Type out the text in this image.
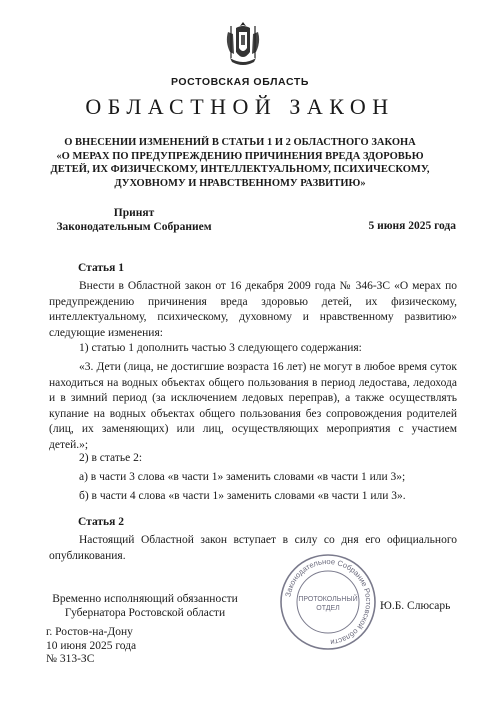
РОСТОВСКАЯ ОБЛАСТЬ
ОБЛАСТНОЙ ЗАКОН
О ВНЕСЕНИИ ИЗМЕНЕНИЙ В СТАТЬИ 1 И 2 ОБЛАСТНОГО ЗАКОНА
«О МЕРАХ ПО ПРЕДУПРЕЖДЕНИЮ ПРИЧИНЕНИЯ ВРЕДА ЗДОРОВЬЮ
ДЕТЕЙ, ИХ ФИЗИЧЕСКОМУ, ИНТЕЛЛЕКТУАЛЬНОМУ, ПСИХИЧЕСКОМУ,
ДУХОВНОМУ И НРАВСТВЕННОМУ РАЗВИТИЮ»
Принят
Законодательным Собранием	5 июня 2025 года
Статья 1

Внести в Областной закон от 16 декабря 2009 года № 346-ЗС «О мерах по предупреждению причинения вреда здоровью детей, их физическому, интеллектуальному, психическому, духовному и нравственному развитию» следующие изменения:

1) статью 1 дополнить частью 3 следующего содержания:

«3. Дети (лица, не достигшие возраста 16 лет) не могут в любое время суток находиться на водных объектах общего пользования в период ледостава, ледохода и в зимний период (за исключением ледовых переправ), а также осуществлять купание на водных объектах общего пользования без сопровождения родителей (лиц, их заменяющих) или лиц, осуществляющих мероприятия с участием детей.»;

2) в статье 2:

а) в части 3 слова «в части 1» заменить словами «в части 1 или 3»;

б) в части 4 слова «в части 1» заменить словами «в части 1 или 3».

Статья 2

Настоящий Областной закон вступает в силу со дня его официального опубликования.

Временно исполняющий обязанности
Губернатора Ростовской области
Ю.Б. Слюсарь
Законодательное Собрание Ростовской области
ПРОТОКОЛЬНЫЙ
ОТДЕЛ
г. Ростов-на-Дону
10 июня 2025 года
№ 313-ЗС
